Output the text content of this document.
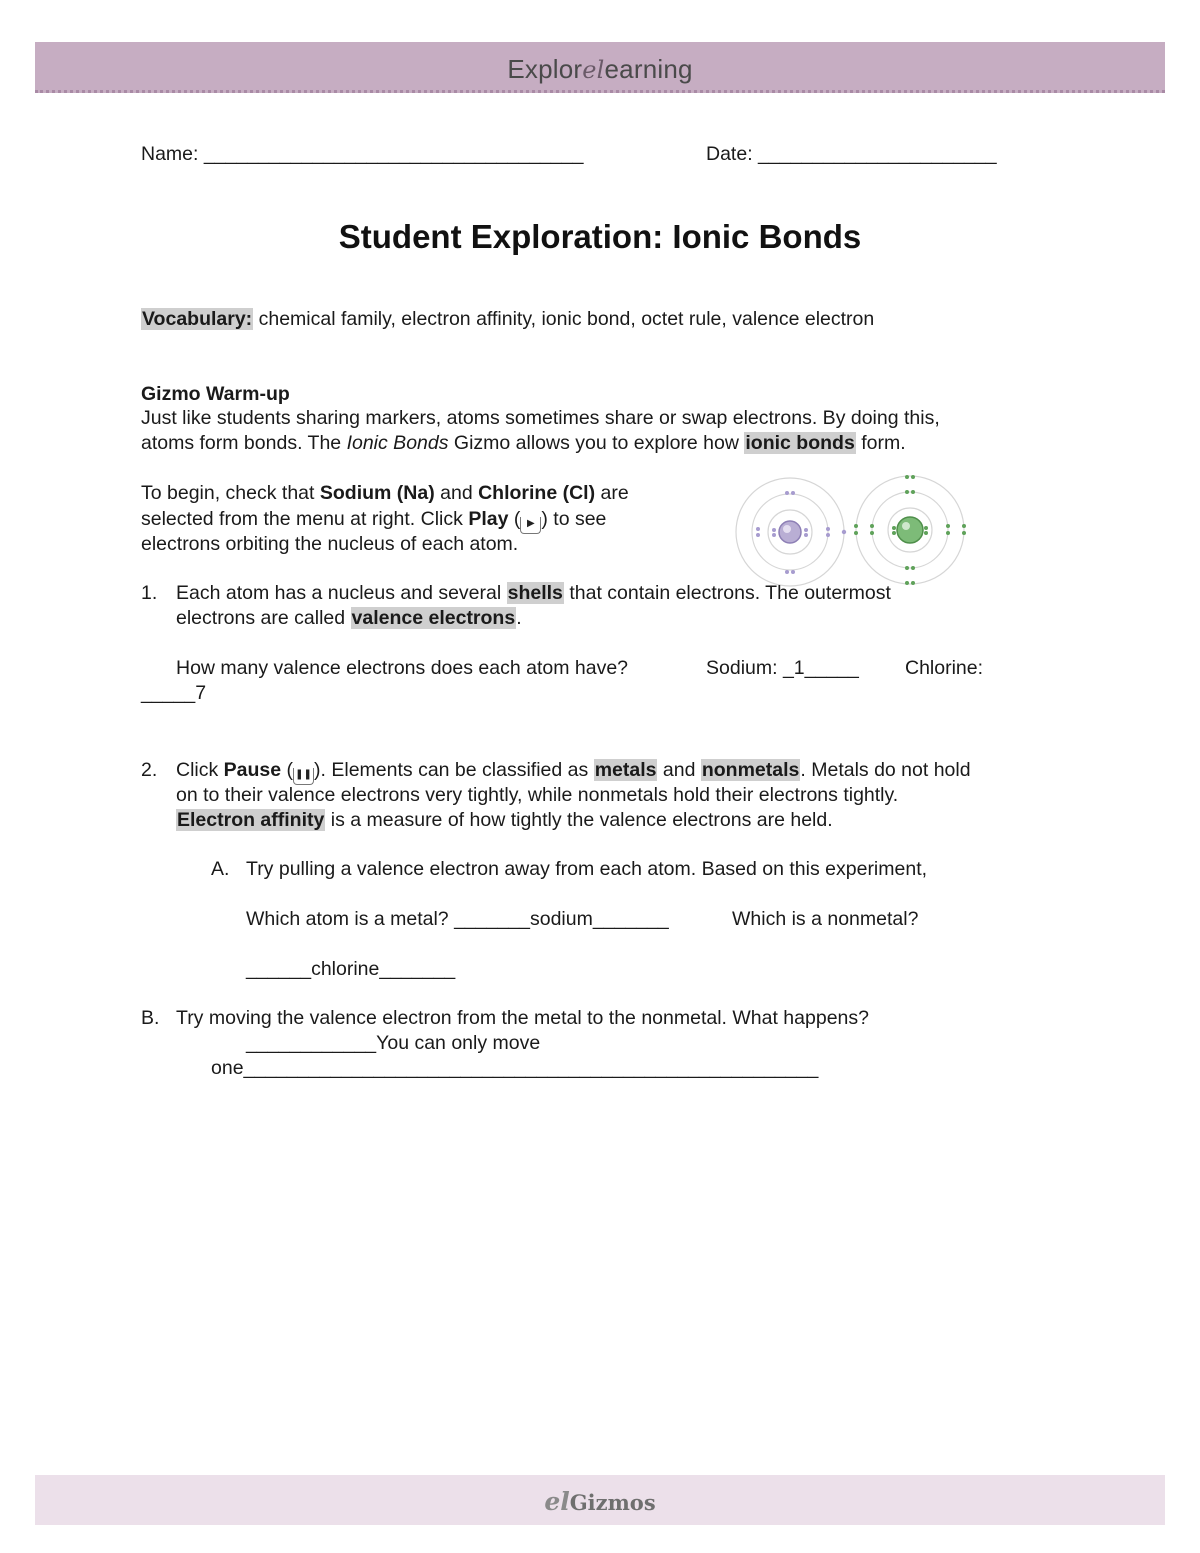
Explorelearning
Name: ___________________________________	Date: ______________________
Student Exploration: Ionic Bonds
Vocabulary: chemical family, electron affinity, ionic bond, octet rule, valence electron
Gizmo Warm-up
Just like students sharing markers, atoms sometimes share or swap electrons. By doing this,
atoms form bonds. The Ionic Bonds Gizmo allows you to explore how ionic bonds form.
To begin, check that Sodium (Na) and Chlorine (Cl) are
selected from the menu at right. Click Play ( ▶ ) to see
electrons orbiting the nucleus of each atom.
1. Each atom has a nucleus and several shells that contain electrons. The outermost
electrons are called valence electrons.
How many valence electrons does each atom have?	Sodium: _1_____ Chlorine:
_____7
2. Click Pause ( ❚❚ ). Elements can be classified as metals and nonmetals. Metals do not hold
on to their valence electrons very tightly, while nonmetals hold their electrons tightly.
Electron affinity is a measure of how tightly the valence electrons are held.
A. Try pulling a valence electron away from each atom. Based on this experiment,
Which atom is a metal? _______sodium_______	Which is a nonmetal?
______chlorine_______
B. Try moving the valence electron from the metal to the nonmetal. What happens?
____________You can only move
one_____________________________________________________
elGizmos
